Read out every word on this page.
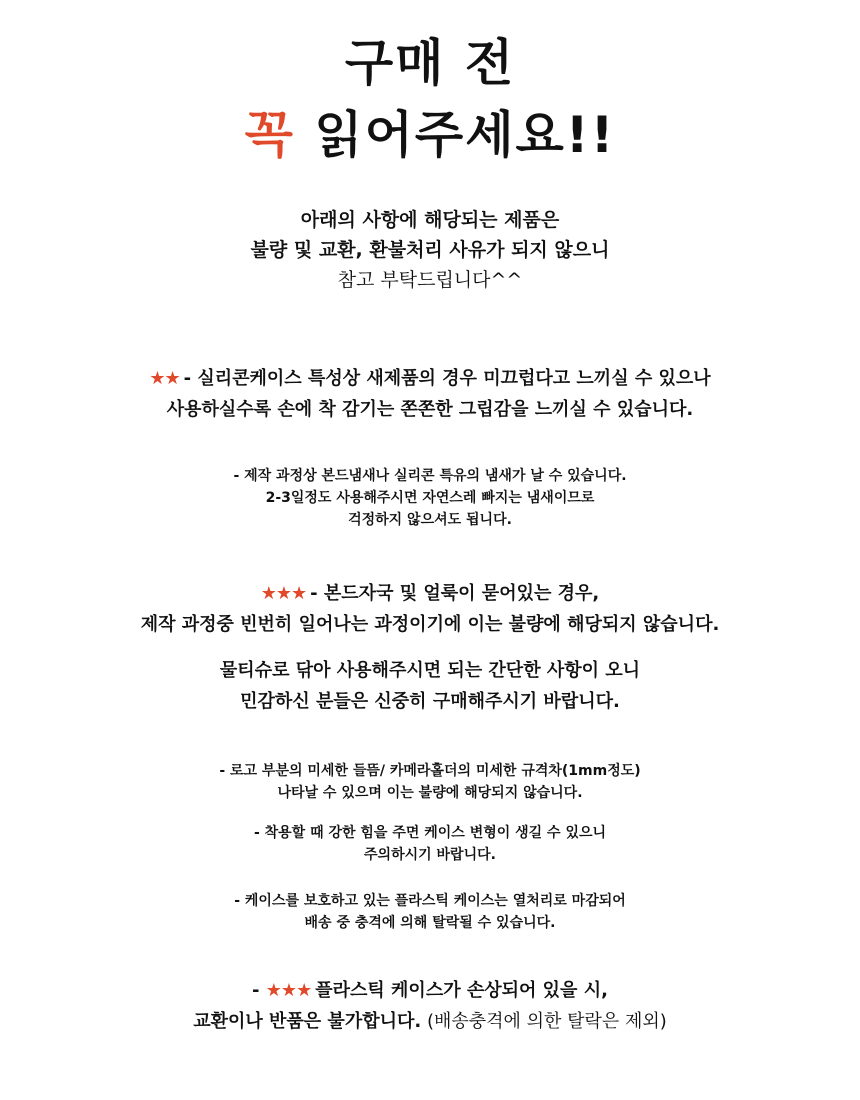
구매 전
꼭 읽어주세요!!
아래의 사항에 해당되는 제품은
불량 및 교환, 환불처리 사유가 되지 않으니
참고 부탁드립니다^^
★★ - 실리콘케이스 특성상 새제품의 경우 미끄럽다고 느끼실 수 있으나
사용하실수록 손에 착 감기는 쫀쫀한 그립감을 느끼실 수 있습니다.
- 제작 과정상 본드냄새나 실리콘 특유의 냄새가 날 수 있습니다.
2-3일정도 사용해주시면 자연스레 빠지는 냄새이므로
걱정하지 않으셔도 됩니다.
★★★ - 본드자국 및 얼룩이 묻어있는 경우,
제작 과정중 빈번히 일어나는 과정이기에 이는 불량에 해당되지 않습니다.
물티슈로 닦아 사용해주시면 되는 간단한 사항이 오니
민감하신 분들은 신중히 구매해주시기 바랍니다.
- 로고 부분의 미세한 들뜸/ 카메라홀더의 미세한 규격차(1mm정도)
나타날 수 있으며 이는 불량에 해당되지 않습니다.
- 착용할 때 강한 힘을 주면 케이스 변형이 생길 수 있으니
주의하시기 바랍니다.
- 케이스를 보호하고 있는 플라스틱 케이스는 열처리로 마감되어
배송 중 충격에 의해 탈락될 수 있습니다.
- ★★★ 플라스틱 케이스가 손상되어 있을 시,
교환이나 반품은 불가합니다. (배송충격에 의한 탈락은 제외)
